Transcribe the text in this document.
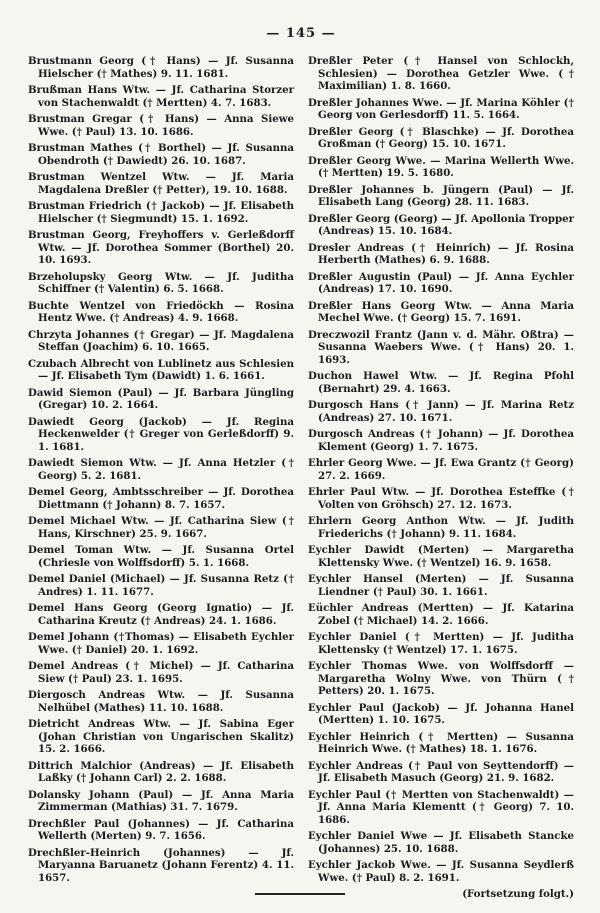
— 145 —

Brustmann Georg († Hans) — Jf. Susanna Hielscher († Mathes) 9. 11. 1681.

Brußman Hans Wtw. — Jf. Catharina Storzer von Stachenwaldt († Mertten) 4. 7. 1683.

Brustman Gregar († Hans) — Anna Siewe Wwe. († Paul) 13. 10. 1686.

Brustman Mathes († Borthel) — Jf. Susanna Obendroth († Dawiedt) 26. 10. 1687.

Brustman Wentzel Wtw. — Jf. Maria Magdalena Dreßler († Petter), 19. 10. 1688.

Brustman Friedrich († Jackob) — Jf. Elisabeth Hielscher († Siegmundt) 15. 1. 1692.

Brustman Georg, Freyhoffers v. Gerleßdorff Wtw. — Jf. Dorothea Sommer (Borthel) 20. 10. 1693.

Brzeholupsky Georg Wtw. — Jf. Juditha Schiffner († Valentin) 6. 5. 1668.

Buchte Wentzel von Friedöckh — Rosina Hentz Wwe. († Andreas) 4. 9. 1668.

Chrzyta Johannes († Gregar) — Jf. Magdalena Steffan (Joachim) 6. 10. 1665.

Czubach Albrecht von Lublinetz aus Schlesien — Jf. Elisabeth Tym (Dawidt) 1. 6. 1661.

Dawid Siemon (Paul) — Jf. Barbara Jüngling (Gregar) 10. 2. 1664.

Dawiedt Georg (Jackob) — Jf. Regina Heckenwelder († Greger von Gerleßdorff) 9. 1. 1681.

Dawiedt Siemon Wtw. — Jf. Anna Hetzler († Georg) 5. 2. 1681.

Demel Georg, Ambtsschreiber — Jf. Dorothea Diettmann († Johann) 8. 7. 1657.

Demel Michael Wtw. — Jf. Catharina Siew († Hans, Kirschner) 25. 9. 1667.

Demel Toman Wtw. — Jf. Susanna Ortel (Chriesle von Wolffsdorff) 5. 1. 1668.

Demel Daniel (Michael) — Jf. Susanna Retz († Andres) 1. 11. 1677.

Demel Hans Georg (Georg Ignatio) — Jf. Catharina Kreutz († Andreas) 24. 1. 1686.

Demel Johann (†Thomas) — Elisabeth Eychler Wwe. († Daniel) 20. 1. 1692.

Demel Andreas († Michel) — Jf. Catharina Siew († Paul) 23. 1. 1695.

Diergosch Andreas Wtw. — Jf. Susanna Nelhübel (Mathes) 11. 10. 1688.

Dietricht Andreas Wtw. — Jf. Sabina Eger (Johan Christian von Ungarischen Skalitz) 15. 2. 1666.

Dittrich Malchior (Andreas) — Jf. Elisabeth Laßky († Johann Carl) 2. 2. 1688.

Dolansky Johann (Paul) — Jf. Anna Maria Zimmerman (Mathias) 31. 7. 1679.

Drechßler Paul (Johannes) — Jf. Catharina Wellerth (Merten) 9. 7. 1656.

Drechßler-Heinrich (Johannes) — Jf. Maryanna Baruanetz (Johann Ferentz) 4. 11. 1657.

Dreßler Peter († Hansel von Schlockh, Schlesien) — Dorothea Getzler Wwe. († Maximilian) 1. 8. 1660.

Dreßler Johannes Wwe. — Jf. Marina Köhler († Georg von Gerlesdorff) 11. 5. 1664.

Dreßler Georg († Blaschke) — Jf. Dorothea Großman († Georg) 15. 10. 1671.

Dreßler Georg Wwe. — Marina Wellerth Wwe. († Mertten) 19. 5. 1680.

Dreßler Johannes b. Jüngern (Paul) — Jf. Elisabeth Lang (Georg) 28. 11. 1683.

Dreßler Georg (Georg) — Jf. Apollonia Tropper (Andreas) 15. 10. 1684.

Dresler Andreas († Heinrich) — Jf. Rosina Herberth (Mathes) 6. 9. 1688.

Dreßler Augustin (Paul) — Jf. Anna Eychler (Andreas) 17. 10. 1690.

Dreßler Hans Georg Wtw. — Anna Maria Mechel Wwe. († Georg) 15. 7. 1691.

Dreczwozil Frantz (Jann v. d. Mähr. Oßtra) — Susanna Waebers Wwe. († Hans) 20. 1. 1693.

Duchon Hawel Wtw. — Jf. Regina Pfohl (Bernahrt) 29. 4. 1663.

Durgosch Hans († Jann) — Jf. Marina Retz (Andreas) 27. 10. 1671.

Durgosch Andreas († Johann) — Jf. Dorothea Klement (Georg) 1. 7. 1675.

Ehrler Georg Wwe. — Jf. Ewa Grantz († Georg) 27. 2. 1669.

Ehrler Paul Wtw. — Jf. Dorothea Esteffke († Volten von Gröhsch) 27. 12. 1673.

Ehrlern Georg Anthon Wtw. — Jf. Judith Friederichs († Johann) 9. 11. 1684.

Eychler Dawidt (Merten) — Margaretha Klettensky Wwe. († Wentzel) 16. 9. 1658.

Eychler Hansel (Merten) — Jf. Susanna Liendner († Paul) 30. 1. 1661.

Eüchler Andreas (Mertten) — Jf. Katarina Zobel († Michael) 14. 2. 1666.

Eychler Daniel († Mertten) — Jf. Juditha Klettensky († Wentzel) 17. 1. 1675.

Eychler Thomas Wwe. von Wolffsdorff — Margaretha Wolny Wwe. von Thürn († Petters) 20. 1. 1675.

Eychler Paul (Jackob) — Jf. Johanna Hanel (Mertten) 1. 10. 1675.

Eychler Heinrich († Mertten) — Susanna Heinrich Wwe. († Mathes) 18. 1. 1676.

Eychler Andreas († Paul von Seyttendorff) — Jf. Elisabeth Masuch (Georg) 21. 9. 1682.

Eychler Paul († Mertten von Stachenwaldt) — Jf. Anna Maria Klementt († Georg) 7. 10. 1686.

Eychler Daniel Wwe — Jf. Elisabeth Stancke (Johannes) 25. 10. 1688.

Eychler Jackob Wwe. — Jf. Susanna Seydlerß Wwe. († Paul) 8. 2. 1691.

(Fortsetzung folgt.)
